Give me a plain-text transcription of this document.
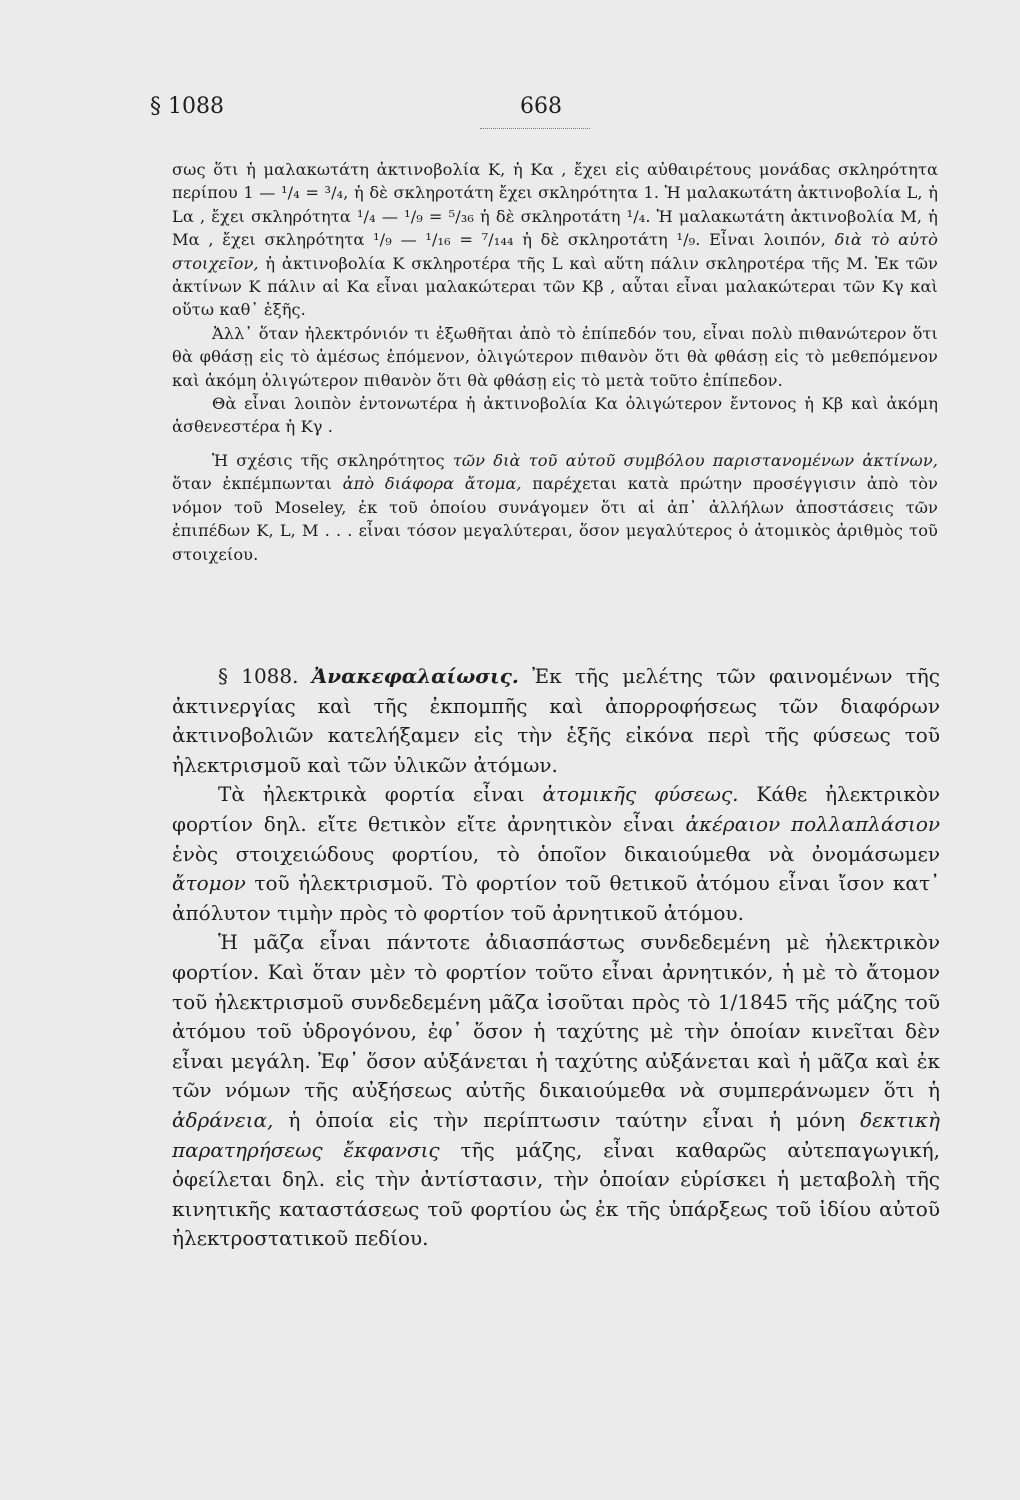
§ 1088	668

σως ὅτι ἡ μαλακωτάτη ἀκτινοβολία Κ, ἡ Κα , ἔχει εἰς αὐθαιρέτους μονάδας σκληρότητα περίπου 1 — ¹/₄ = ³/₄, ἡ δὲ σκληροτάτη ἔχει σκληρότητα 1. Ἡ μαλακωτάτη ἀκτινοβολία L, ἡ Lα , ἔχει σκληρότητα ¹/₄ — ¹/₉ = ⁵/₃₆ ἡ δὲ σκληροτάτη ¹/₄. Ἡ μαλακωτάτη ἀκτινοβολία M, ἡ Mα , ἔχει σκληρότητα ¹/₉ — ¹/₁₆ = ⁷/₁₄₄ ἡ δὲ σκληροτάτη ¹/₉. Εἶναι λοιπόν, διὰ τὸ αὐτὸ στοιχεῖον, ἡ ἀκτινοβολία Κ σκληροτέρα τῆς L καὶ αὕτη πάλιν σκληροτέρα τῆς M. Ἐκ τῶν ἀκτίνων Κ πάλιν αἱ Κα εἶναι μαλακώτεραι τῶν Κβ , αὗται εἶναι μαλακώτεραι τῶν Κγ καὶ οὕτω καθ᾽ ἑξῆς.

Ἀλλ᾽ ὅταν ἠλεκτρόνιόν τι ἐξωθῆται ἀπὸ τὸ ἐπίπεδόν του, εἶναι πολὺ πιθανώτερον ὅτι θὰ φθάσῃ εἰς τὸ ἀμέσως ἑπόμενον, ὀλιγώτερον πιθανὸν ὅτι θὰ φθάσῃ εἰς τὸ μεθεπόμενον καὶ ἀκόμη ὀλιγώτερον πιθανὸν ὅτι θὰ φθάσῃ εἰς τὸ μετὰ τοῦτο ἐπίπεδον.

Θὰ εἶναι λοιπὸν ἐντονωτέρα ἡ ἀκτινοβολία Κα ὀλιγώτερον ἔντονος ἡ Κβ καὶ ἀκόμη ἀσθενεστέρα ἡ Κγ .

Ἡ σχέσις τῆς σκληρότητος τῶν διὰ τοῦ αὐτοῦ συμβόλου παριστανομένων ἀκτίνων, ὅταν ἐκπέμπωνται ἀπὸ διάφορα ἄτομα, παρέχεται κατὰ πρώτην προσέγγισιν ἀπὸ τὸν νόμον τοῦ Moseley, ἐκ τοῦ ὁποίου συνάγομεν ὅτι αἱ ἀπ᾽ ἀλλήλων ἀποστάσεις τῶν ἐπιπέδων Κ, L, M . . . εἶναι τόσον μεγαλύτεραι, ὅσον μεγαλύτερος ὁ ἀτομικὸς ἀριθμὸς τοῦ στοιχείου.

§ 1088. Ἀνακεφαλαίωσις. Ἐκ τῆς μελέτης τῶν φαινομένων τῆς ἀκτινεργίας καὶ τῆς ἐκπομπῆς καὶ ἀπορροφήσεως τῶν διαφόρων ἀκτινοβολιῶν κατελήξαμεν εἰς τὴν ἑξῆς εἰκόνα περὶ τῆς φύσεως τοῦ ἠλεκτρισμοῦ καὶ τῶν ὑλικῶν ἀτόμων.

Τὰ ἠλεκτρικὰ φορτία εἶναι ἀτομικῆς φύσεως. Κάθε ἠλεκτρικὸν φορτίον δηλ. εἴτε θετικὸν εἴτε ἀρνητικὸν εἶναι ἀκέραιον πολλαπλάσιον ἑνὸς στοιχειώδους φορτίου, τὸ ὁποῖον δικαιούμεθα νὰ ὀνομάσωμεν ἄτομον τοῦ ἠλεκτρισμοῦ. Τὸ φορτίον τοῦ θετικοῦ ἀτόμου εἶναι ἴσον κατ᾽ ἀπόλυτον τιμὴν πρὸς τὸ φορτίον τοῦ ἀρνητικοῦ ἀτόμου.

Ἡ μᾶζα εἶναι πάντοτε ἀδιασπάστως συνδεδεμένη μὲ ἠλεκτρικὸν φορτίον. Καὶ ὅταν μὲν τὸ φορτίον τοῦτο εἶναι ἀρνητικόν, ἡ μὲ τὸ ἄτομον τοῦ ἠλεκτρισμοῦ συνδεδεμένη μᾶζα ἰσοῦται πρὸς τὸ 1/1845 τῆς μάζης τοῦ ἀτόμου τοῦ ὑδρογόνου, ἐφ᾽ ὅσον ἡ ταχύτης μὲ τὴν ὁποίαν κινεῖται δὲν εἶναι μεγάλη. Ἐφ᾽ ὅσον αὐξάνεται ἡ ταχύτης αὐξάνεται καὶ ἡ μᾶζα καὶ ἐκ τῶν νόμων τῆς αὐξήσεως αὐτῆς δικαιούμεθα νὰ συμπεράνωμεν ὅτι ἡ ἀδράνεια, ἡ ὁποία εἰς τὴν περίπτωσιν ταύτην εἶναι ἡ μόνη δεκτικὴ παρατηρήσεως ἔκφανσις τῆς μάζης, εἶναι καθαρῶς αὐτεπαγωγική, ὀφείλεται δηλ. εἰς τὴν ἀντίστασιν, τὴν ὁποίαν εὑρίσκει ἡ μεταβολὴ τῆς κινητικῆς καταστάσεως τοῦ φορτίου ὡς ἐκ τῆς ὑπάρξεως τοῦ ἰδίου αὐτοῦ ἠλεκτροστατικοῦ πεδίου.
